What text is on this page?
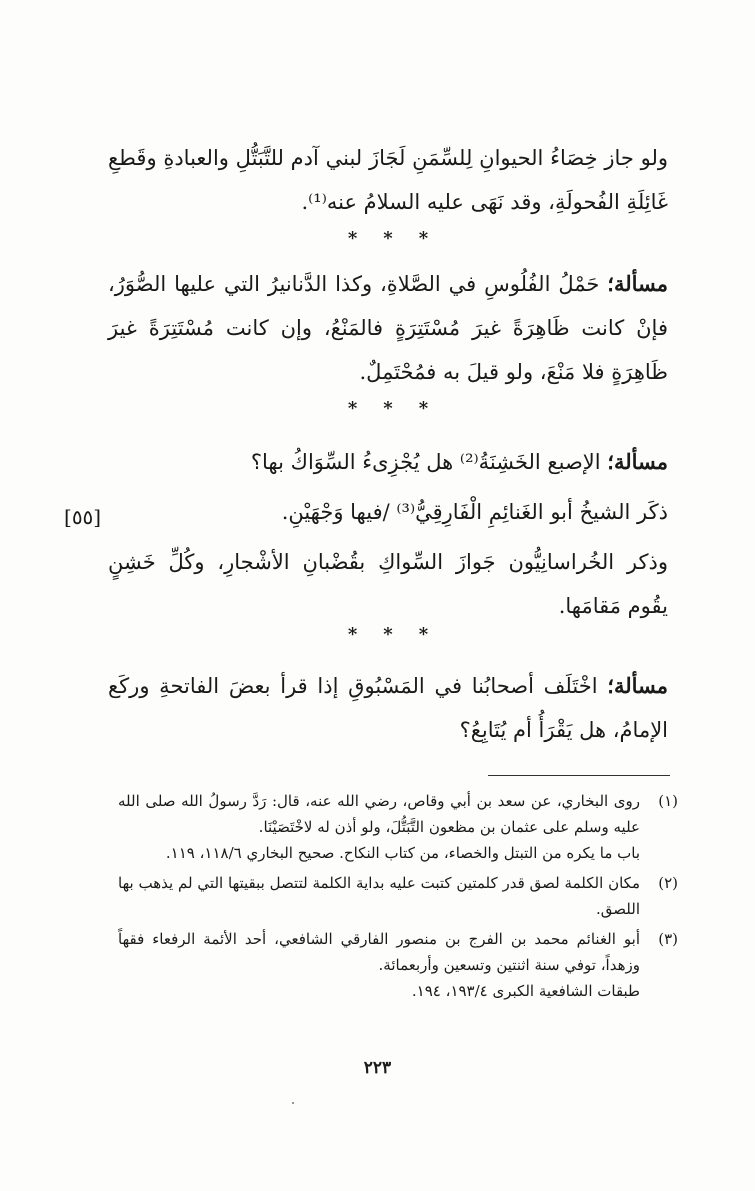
ولو جاز خِصَاءُ الحيوانِ لِلسِّمَنِ لَجَازَ لبني آدم للتَّبَتُّلِ والعبادةِ وقَطعِ غَائِلَةِ الفُحولَةِ، وقد نَهَى عليه السلامُ عنه⁽¹⁾.

***

مسألة؛ حَمْلُ الفُلُوسِ في الصَّلاةِ، وكذا الدَّنانيرُ التي عليها الصُّوَرُ، فإنْ كانت ظَاهِرَةً غيرَ مُسْتَتِرَةٍ فالمَنْعُ، وإن كانت مُسْتَتِرَةً غيرَ ظَاهِرَةٍ فلا مَنْعَ، ولو قيلَ به فمُحْتَمِلٌ.

***

مسألة؛ الإصبع الخَشِنَةُ⁽²⁾ هل يُجْزِىءُ السِّوَاكُ بها؟

ذكَر الشيخُ أبو الغَنائِمِ الْفَارِقِيُّ⁽³⁾ /فيها وَجْهَيْنِ.

وذكر الخُراسانِيُّون جَوازَ السِّواكِ بقُضْبانِ الأشْجارِ، وكُلِّ خَشِنٍ يقُوم مَقامَها.

[٥٥]
***

مسألة؛ اخْتَلَف أصحابُنا في المَسْبُوقِ إذا قرأ بعضَ الفاتحةِ وركَع الإمامُ، هل يَقْرَأُ أم يُتَابِعُ؟

(١)

روى البخاري، عن سعد بن أبي وقاص، رضي الله عنه، قال: رَدَّ رسولُ الله صلى الله عليه وسلم على عثمان بن مظعون التَّبَتُّلَ، ولو أذن له لاخْتَصَيْنَا.

باب ما يكره من التبتل والخصاء، من كتاب النكاح. صحيح البخاري ١١٨/٦، ١١٩.

(٢)

مكان الكلمة لصق قدر كلمتين كتبت عليه بداية الكلمة لتتصل ببقيتها التي لم يذهب بها اللصق.

(٣)

أبو الغنائم محمد بن الفرج بن منصور الفارقي الشافعي، أحد الأئمة الرفعاء فقهاً وزهداً، توفي سنة اثنتين وتسعين وأربعمائة.

طبقات الشافعية الكبرى ١٩٣/٤، ١٩٤.

٢٢٣
